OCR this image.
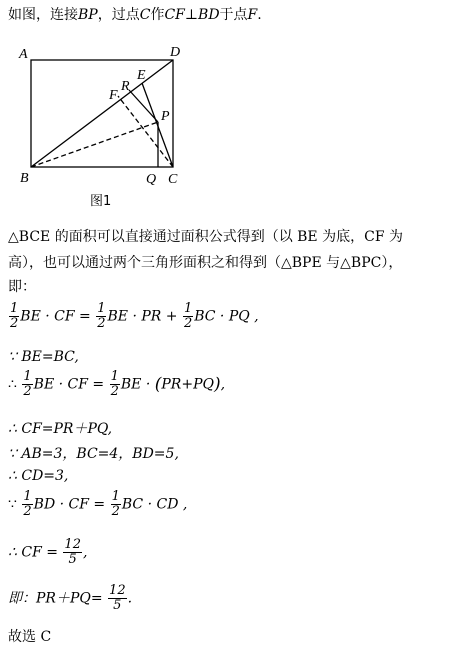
如图，连接BP，过点C作CF⊥BD于点F.
A	D
B	Q C
E
R
F
P
图1
△BCE 的面积可以直接通过面积公式得到（以 BE 为底，CF 为
高），也可以通过两个三角形面积之和得到（△BPE 与△BPC），
即：
$\frac{1}{2}$ BE · CF = $\frac{1}{2}$ BE · PR + $\frac{1}{2}$ BC · PQ ,
∵ BE=BC,
∴ $\frac{1}{2}$ BE · CF = $\frac{1}{2}$ BE · (PR+PQ),
∴ CF=PR＋PQ,
∵ AB=3，BC=4，BD=5,
∴ CD=3,
∵ $\frac{1}{2}$ BD · CF = $\frac{1}{2}$ BC · CD ,
∴ CF = $\frac{12}{5}$ ,
即：$PR+PQ= \frac{12}{5}$ .
故选 C
